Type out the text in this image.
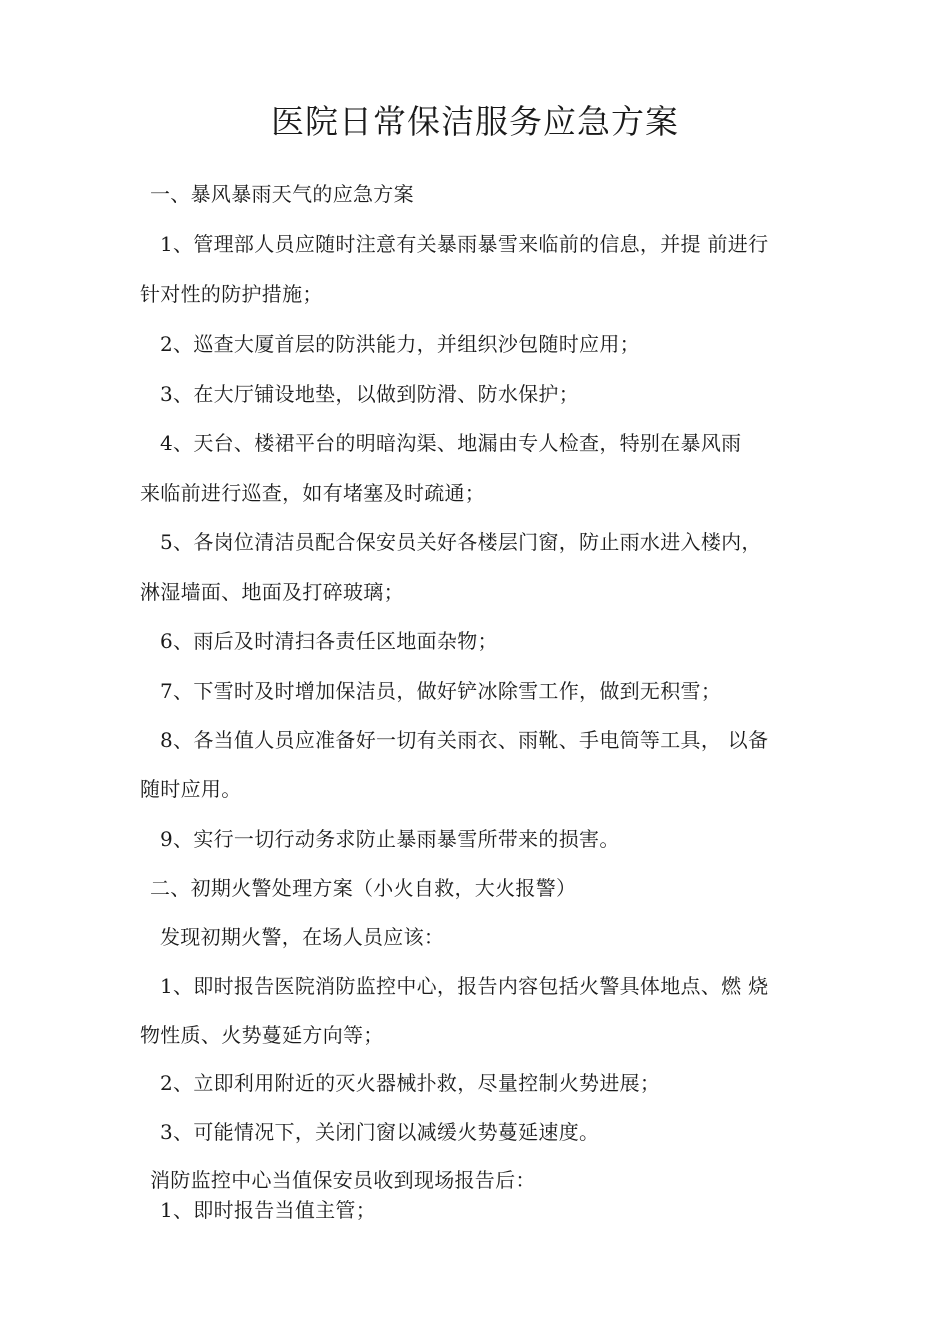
医院日常保洁服务应急方案

一、暴风暴雨天气的应急方案

1、管理部人员应随时注意有关暴雨暴雪来临前的信息，并提 前进行

针对性的防护措施；

2、巡查大厦首层的防洪能力，并组织沙包随时应用；

3、在大厅铺设地垫，以做到防滑、防水保护；

4、天台、楼裙平台的明暗沟渠、地漏由专人检查，特别在暴风雨

来临前进行巡查，如有堵塞及时疏通；

5、各岗位清洁员配合保安员关好各楼层门窗，防止雨水进入楼内，

淋湿墙面、地面及打碎玻璃；

6、雨后及时清扫各责任区地面杂物；

7、下雪时及时增加保洁员，做好铲冰除雪工作，做到无积雪；

8、各当值人员应准备好一切有关雨衣、雨靴、手电筒等工具， 以备

随时应用。

9、实行一切行动务求防止暴雨暴雪所带来的损害。

二、初期火警处理方案（小火自救，大火报警）

发现初期火警，在场人员应该：

1、即时报告医院消防监控中心，报告内容包括火警具体地点、燃 烧

物性质、火势蔓延方向等；

2、立即利用附近的灭火器械扑救，尽量控制火势进展；

3、可能情况下，关闭门窗以减缓火势蔓延速度。

消防监控中心当值保安员收到现场报告后：

1、即时报告当值主管；
